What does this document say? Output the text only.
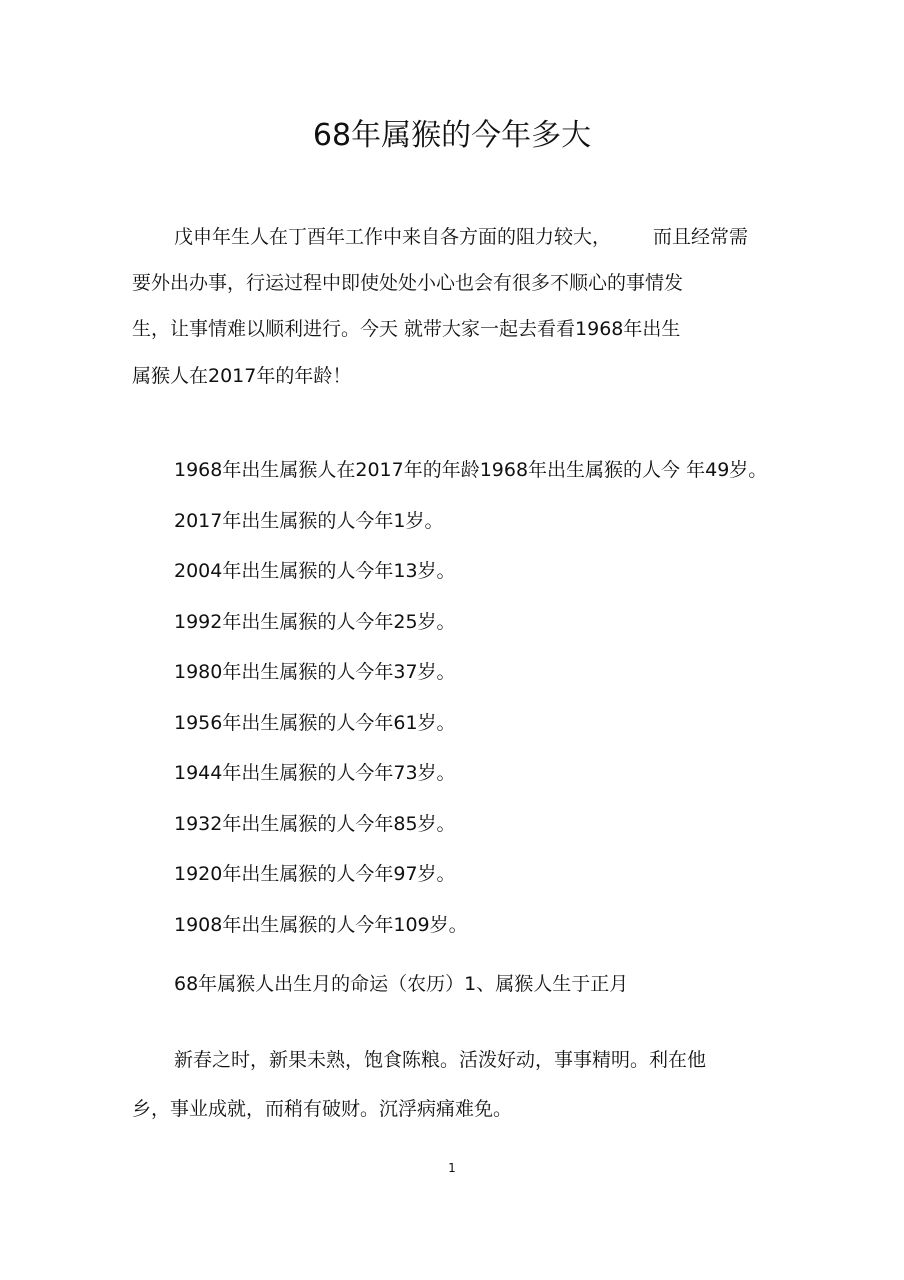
68年属猴的今年多大

戊申年生人在丁酉年工作中来自各方面的阻力较大， 而且经常需

要外出办事，行运过程中即使处处小心也会有很多不顺心的事情发

生，让事情难以顺利进行。今天 就带大家一起去看看1968年出生

属猴人在2017年的年龄！

1968年出生属猴人在2017年的年龄1968年出生属猴的人今 年49岁。
2017年出生属猴的人今年1岁。
2004年出生属猴的人今年13岁。
1992年出生属猴的人今年25岁。
1980年出生属猴的人今年37岁。
1956年出生属猴的人今年61岁。
1944年出生属猴的人今年73岁。
1932年出生属猴的人今年85岁。
1920年出生属猴的人今年97岁。
1908年出生属猴的人今年109岁。

68年属猴人出生月的命运（农历）1、属猴人生于正月

新春之时，新果未熟，饱食陈粮。活泼好动，事事精明。利在他

乡，事业成就，而稍有破财。沉浮病痛难免。

1
